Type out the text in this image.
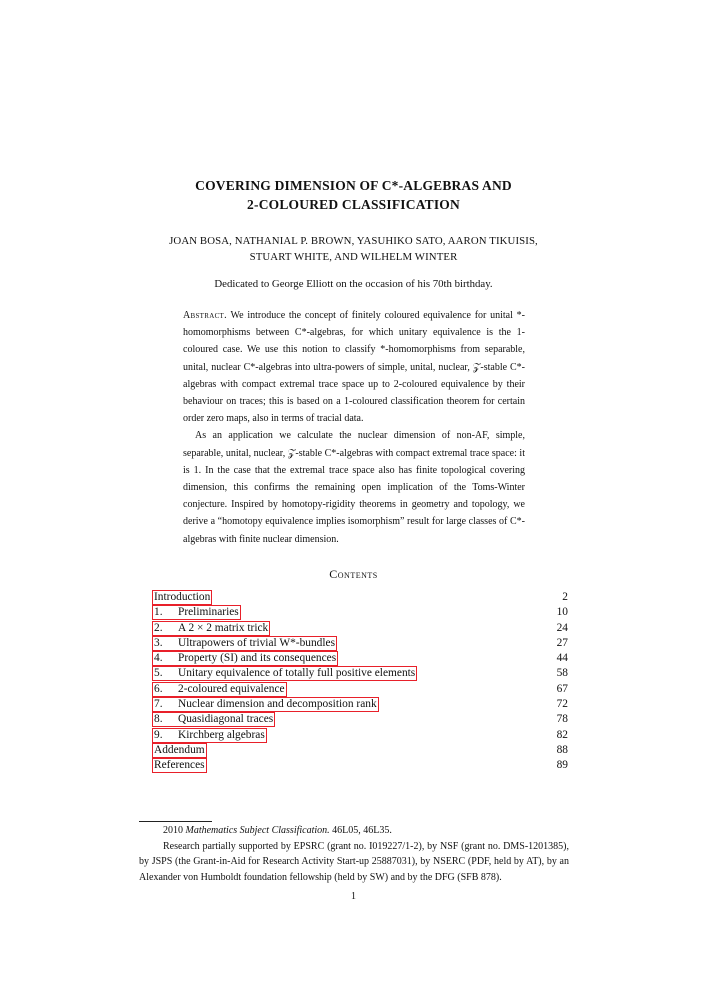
COVERING DIMENSION OF C*-ALGEBRAS AND
2-COLOURED CLASSIFICATION
JOAN BOSA, NATHANIAL P. BROWN, YASUHIKO SATO, AARON TIKUISIS,
STUART WHITE, AND WILHELM WINTER
Dedicated to George Elliott on the occasion of his 70th birthday.

Abstract. We introduce the concept of finitely coloured equivalence for unital *-homomorphisms between C*-algebras, for which unitary equivalence is the 1-coloured case. We use this notion to classify *-homomorphisms from separable, unital, nuclear C*-algebras into ultra-powers of simple, unital, nuclear, 𝒵-stable C*-algebras with compact extremal trace space up to 2-coloured equivalence by their behaviour on traces; this is based on a 1-coloured classification theorem for certain order zero maps, also in terms of tracial data.

As an application we calculate the nuclear dimension of non-AF, simple, separable, unital, nuclear, 𝒵-stable C*-algebras with compact extremal trace space: it is 1. In the case that the extremal trace space also has finite topological covering dimension, this confirms the remaining open implication of the Toms-Winter conjecture. Inspired by homotopy-rigidity theorems in geometry and topology, we derive a “homotopy equivalence implies isomorphism” result for large classes of C*-algebras with finite nuclear dimension.

Contents
Introduction	2
1. Preliminaries	10
2. A 2 × 2 matrix trick	24
3. Ultrapowers of trivial W*-bundles	27
4. Property (SI) and its consequences	44
5. Unitary equivalence of totally full positive elements	58
6. 2-coloured equivalence	67
7. Nuclear dimension and decomposition rank	72
8. Quasidiagonal traces	78
9. Kirchberg algebras	82
Addendum	88
References	89

2010 Mathematics Subject Classification. 46L05, 46L35.

Research partially supported by EPSRC (grant no. I019227/1-2), by NSF (grant no. DMS-1201385), by JSPS (the Grant-in-Aid for Research Activity Start-up 25887031), by NSERC (PDF, held by AT), by an Alexander von Humboldt foundation fellowship (held by SW) and by the DFG (SFB 878).

1
